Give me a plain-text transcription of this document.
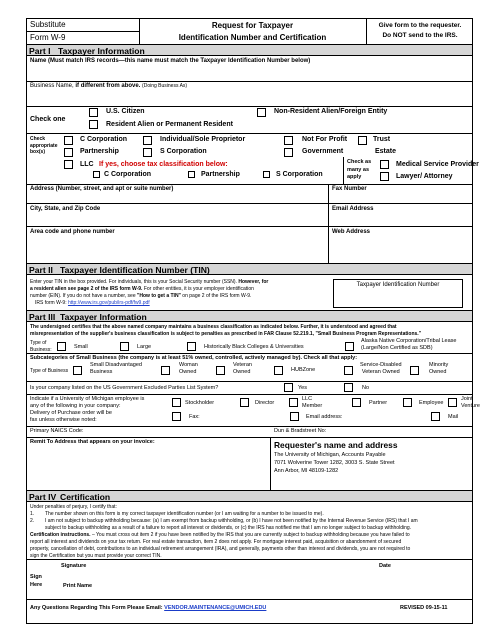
Substitute
Form W-9
Request for Taxpayer
Identification Number and Certification
Give form to the requester.
Do NOT send to the IRS.
Part I Taxpayer Information
Name (Must match IRS records—this name must match the Taxpayer Identification Number below)
Business Name, if different from above. (Doing Business As)
Check one
U.S. Citizen
Resident Alien or Permanent Resident
Non-Resident Alien/Foreign Entity
Check
appropriate
box(s)
C Corporation	Individual/Sole Proprietor	Not For Profit	Trust
Partnership	S Corporation	Government	Estate
LLC If yes, choose tax classification below:
C Corporation	Partnership	S Corporation
Check as
many as
apply
Medical Service Provider
Lawyer/ Attorney
Address (Number, street, and apt or suite number)	Fax Number
City, State, and Zip Code	Email Address
Area code and phone number	Web Address
Part II Taxpayer Identification Number (TIN)
Enter your TIN in the box provided. For individuals, this is your Social Security number (SSN). However, for
a resident alien see page 2 of the IRS form W-9. For other entities, it is your employer identification
number (EIN). If you do not have a number, see "How to get a TIN" on page 2 of the IRS form W-9.
IRS form W-9: http://www.irs.gov/pub/irs-pdf/fw9.pdf
Taxpayer Identification Number
Part III Taxpayer Information
The undersigned certifies that the above named company maintains a business classification as indicated below. Further, it is understood and agreed that
misrepresentation of the supplier's business classification is subject to penalties as prescribed in FAR Clause 52.219.1, "Small Business Program Representations."
Type of
Business:	Small	Large	Historically Black Colleges & Universities
Alaska Native Corporation/Tribal Lease
(Large/Non Certified as SDB)
Subcategories of Small Business (the company is at least 51% owned, controlled, actively managed by). Check all that apply:
Type of Business
Small Disadvantaged
Business
Woman
Owned
Veteran
Owned	HUBZone
Service-Disabled
Veteran Owned
Minority
Owned
Is your company listed on the US Government Excluded Parties List System?	Yes	No
Indicate if a University of Michigan employee is
any of the following in your company:	Stockholder	Director
LLC
Member	Partner	Employee
Joint
Venture
Delivery of Purchase order will be
fax unless otherwise noted:	Fax:	Email address:	Mail
Primary NAICS Code:	Dun & Bradstreet No:
Remit To Address that appears on your invoice:	Requester's name and address
The University of Michigan, Accounts Payable
7071 Wolverine Tower 1282, 3003 S. State Street
Ann Arbor, MI 48109-1282
Part IV Certification
Under penalties of perjury, I certify that:
1. The number shown on this form is my correct taxpayer identification number (or I am waiting for a number to be issued to me).
2. I am not subject to backup withholding because: (a) I am exempt from backup withholding, or (b) I have not been notified by the Internal Revenue Service (IRS) that I am
subject to backup withholding as a result of a failure to report all interest or dividends, or (c) the IRS has notified me that I am no longer subject to backup withholding.
Certification instructions. – You must cross out item 2 if you have been notified by the IRS that you are currently subject to backup withholding because you have failed to
report all interest and dividends on your tax return. For real estate transaction, item 2 does not apply. For mortgage interest paid, acquisition or abandonment of secured
property, cancellation of debt, contributions to an individual retirement arrangement (IRA), and generally, payments other than interest and dividends, you are not required to
sign the Certification but you must provide your correct TIN.
Sign
Here
Signature	Date
Print Name
Any Questions Regarding This Form Please Email: VENDOR.MAINTENANCE@UMICH.EDU	REVISED 09-15-11
